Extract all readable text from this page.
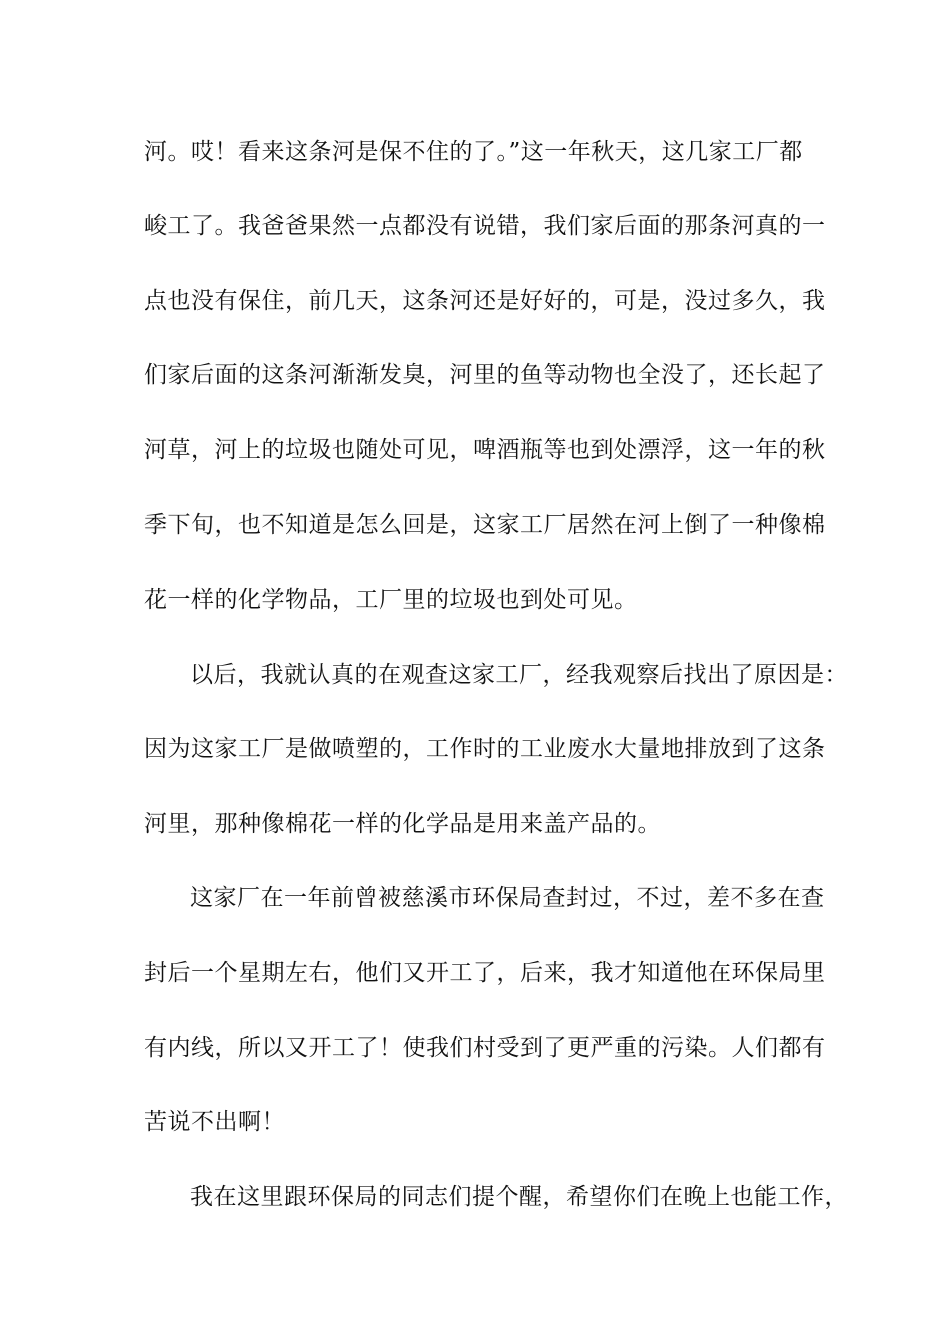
河。哎！看来这条河是保不住的了。”这一年秋天，这几家工厂都
峻工了。我爸爸果然一点都没有说错，我们家后面的那条河真的一
点也没有保住，前几天，这条河还是好好的，可是，没过多久，我
们家后面的这条河渐渐发臭，河里的鱼等动物也全没了，还长起了
河草，河上的垃圾也随处可见，啤酒瓶等也到处漂浮，这一年的秋
季下旬，也不知道是怎么回是，这家工厂居然在河上倒了一种像棉
花一样的化学物品，工厂里的垃圾也到处可见。
以后，我就认真的在观查这家工厂，经我观察后找出了原因是：
因为这家工厂是做喷塑的，工作时的工业废水大量地排放到了这条
河里，那种像棉花一样的化学品是用来盖产品的。
这家厂在一年前曾被慈溪市环保局查封过，不过，差不多在查
封后一个星期左右，他们又开工了，后来，我才知道他在环保局里
有内线，所以又开工了！使我们村受到了更严重的污染。人们都有
苦说不出啊！
我在这里跟环保局的同志们提个醒，希望你们在晚上也能工作，
